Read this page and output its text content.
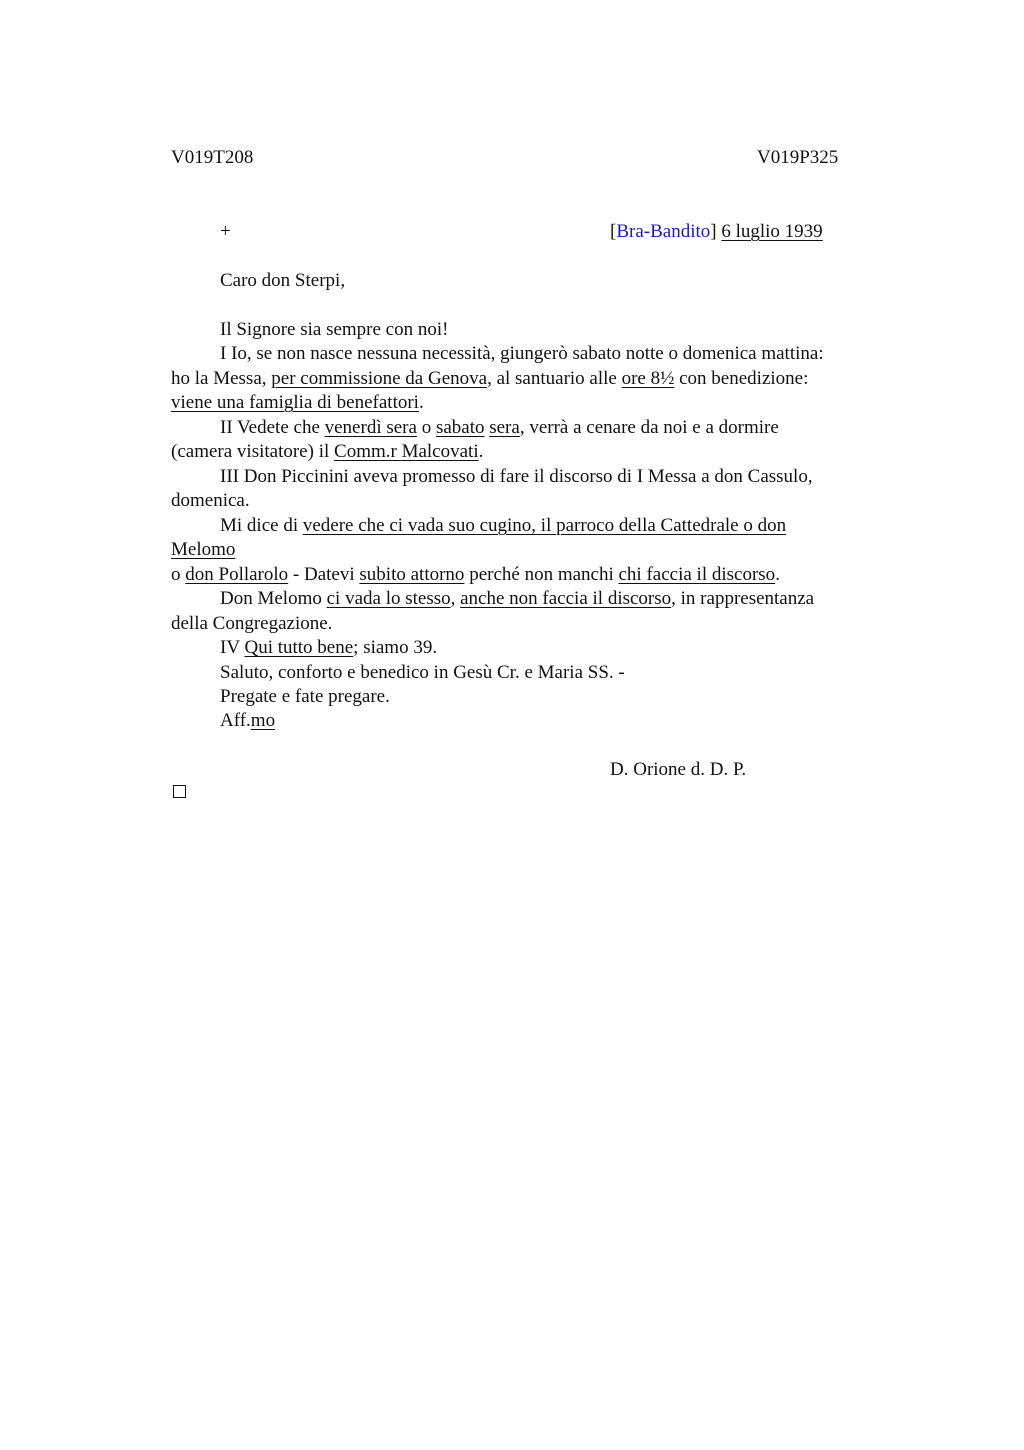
V019T208	V019P325
+	[Bra-Bandito] 6 luglio 1939
Caro don Sterpi,
Il Signore sia sempre con noi!
I Io, se non nasce nessuna necessità, giungerò sabato notte o domenica mattina:
ho la Messa, per commissione da Genova, al santuario alle ore 8½ con benedizione:
viene una famiglia di benefattori.
II Vedete che venerdì sera o sabato sera, verrà a cenare da noi e a dormire
(camera visitatore) il Comm.r Malcovati.
III Don Piccinini aveva promesso di fare il discorso di I Messa a don Cassulo,
domenica.
Mi dice di vedere che ci vada suo cugino, il parroco della Cattedrale o don
Melomo
o don Pollarolo - Datevi subito attorno perché non manchi chi faccia il discorso.
Don Melomo ci vada lo stesso, anche non faccia il discorso, in rappresentanza
della Congregazione.
IV Qui tutto bene; siamo 39.
Saluto, conforto e benedico in Gesù Cr. e Maria SS. -
Pregate e fate pregare.
Aff.mo
D. Orione d. D. P.
